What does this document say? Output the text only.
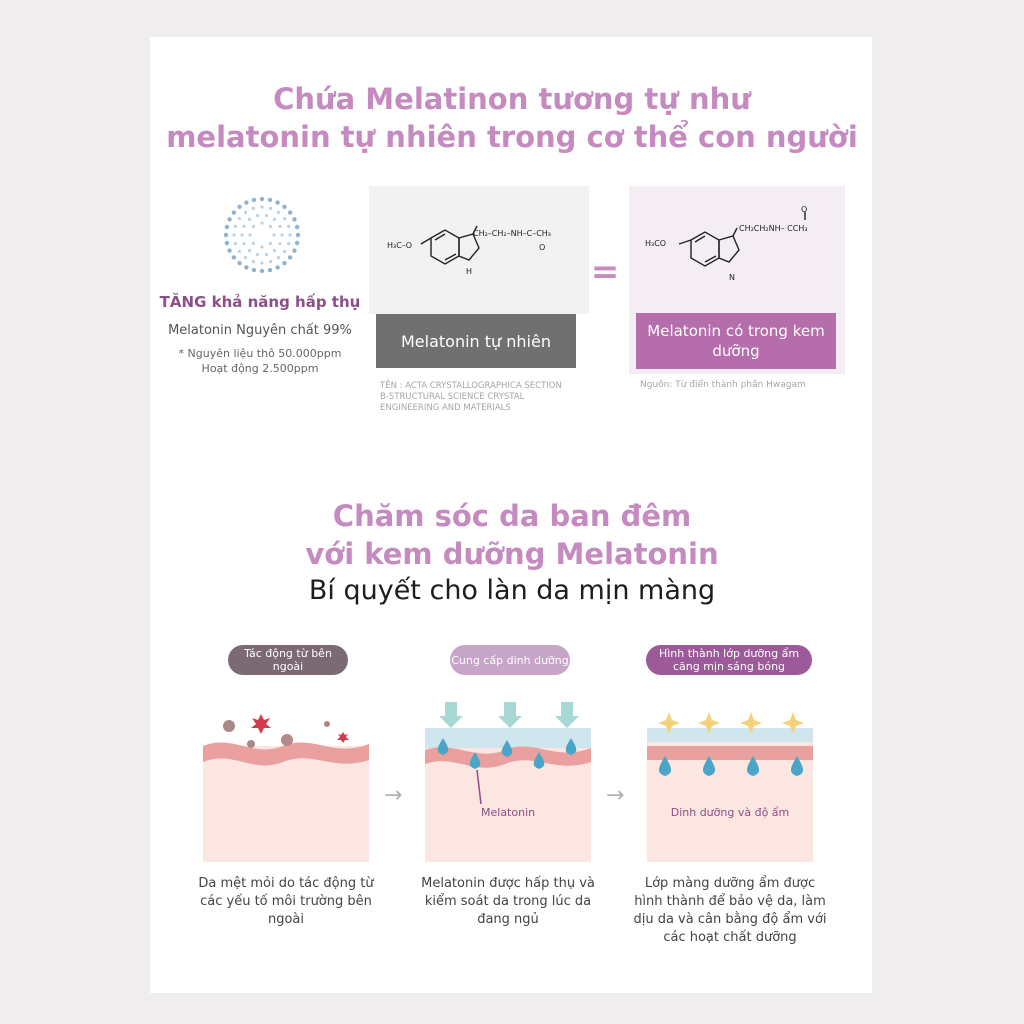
Chứa Melatinon tương tự như
melatonin tự nhiên trong cơ thể con người
TĂNG khả năng hấp thụ
Melatonin Nguyên chất 99%
* Nguyên liệu thô 50.000ppm
Hoạt động 2.500ppm
H₃C–O
CH₂–CH₂–NH–C–CH₃
O
H
Melatonin tự nhiên
TÊN : ACTA CRYSTALLOGRAPHICA SECTION B-STRUCTURAL SCIENCE CRYSTAL ENGINEERING AND MATERIALS
=
H₃CO
CH₂CH₂NH– CCH₃
O
N
Melatonin có trong kem dưỡng
Nguồn: Từ điển thành phần Hwagam
Chăm sóc da ban đêm
với kem dưỡng Melatonin
Bí quyết cho làn da mịn màng
Tác động từ bên ngoài	Cung cấp dinh dưỡng	Hình thành lớp dưỡng ẩm căng mịn sáng bóng
→
Melatonin
→
Dinh dưỡng và độ ẩm
Da mệt mỏi do tác động từ các yếu tố môi trường bên ngoài
Melatonin được hấp thụ và kiểm soát da trong lúc da đang ngủ
Lớp màng dưỡng ẩm được hình thành để bảo vệ da, làm dịu da và cân bằng độ ẩm với các hoạt chất dưỡng
